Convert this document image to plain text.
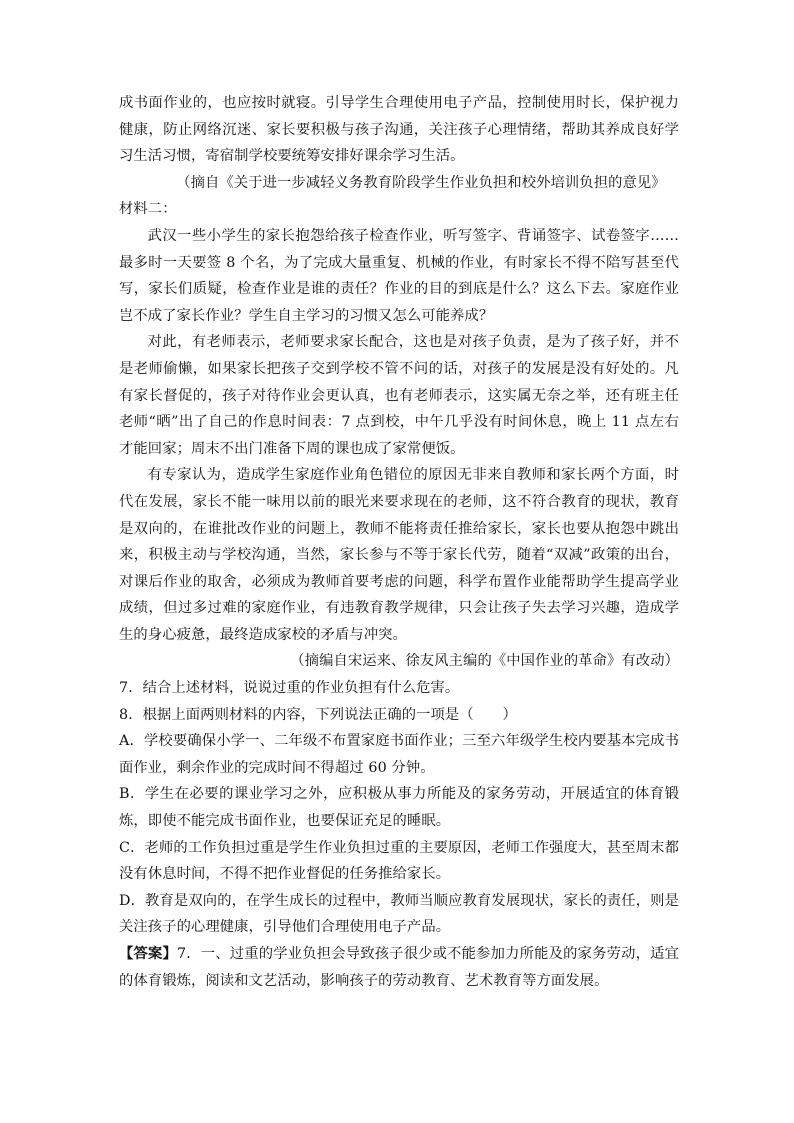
成书面作业的，也应按时就寝。引导学生合理使用电子产品，控制使用时长，保护视力健康，防止网络沉迷、家长要积极与孩子沟通，关注孩子心理情绪，帮助其养成良好学习生活习惯，寄宿制学校要统筹安排好课余学习生活。

（摘自《关于进一步减轻义务教育阶段学生作业负担和校外培训负担的意见》

材料二：

武汉一些小学生的家长抱怨给孩子检查作业，听写签字、背诵签字、试卷签字……最多时一天要签 8 个名，为了完成大量重复、机械的作业，有时家长不得不陪写甚至代写，家长们质疑，检查作业是谁的责任？作业的目的到底是什么？这么下去。家庭作业岂不成了家长作业？学生自主学习的习惯又怎么可能养成？

对此，有老师表示，老师要求家长配合，这也是对孩子负责，是为了孩子好，并不是老师偷懒，如果家长把孩子交到学校不管不问的话，对孩子的发展是没有好处的。凡有家长督促的，孩子对待作业会更认真，也有老师表示，这实属无奈之举，还有班主任老师“晒”出了自己的作息时间表：7 点到校，中午几乎没有时间休息，晚上 11 点左右才能回家；周末不出门准备下周的课也成了家常便饭。

有专家认为，造成学生家庭作业角色错位的原因无非来自教师和家长两个方面，时代在发展，家长不能一味用以前的眼光来要求现在的老师，这不符合教育的现状，教育是双向的，在谁批改作业的问题上，教师不能将责任推给家长，家长也要从抱怨中跳出来，积极主动与学校沟通，当然，家长参与不等于家长代劳，随着“双减”政策的出台，对课后作业的取舍，必须成为教师首要考虑的问题，科学布置作业能帮助学生提高学业成绩，但过多过难的家庭作业，有违教育教学规律，只会让孩子失去学习兴趣，造成学生的身心疲惫，最终造成家校的矛盾与冲突。

（摘编自宋运来、徐友风主编的《中国作业的革命》有改动）

7．结合上述材料，说说过重的作业负担有什么危害。

8．根据上面两则材料的内容，下列说法正确的一项是（　　）

A．学校要确保小学一、二年级不布置家庭书面作业；三至六年级学生校内要基本完成书面作业，剩余作业的完成时间不得超过 60 分钟。

B．学生在必要的课业学习之外，应积极从事力所能及的家务劳动，开展适宜的体育锻炼，即使不能完成书面作业，也要保证充足的睡眠。

C．老师的工作负担过重是学生作业负担过重的主要原因，老师工作强度大，甚至周末都没有休息时间，不得不把作业督促的任务推给家长。

D．教育是双向的，在学生成长的过程中，教师当顺应教育发展现状，家长的责任，则是关注孩子的心理健康，引导他们合理使用电子产品。

【答案】7．一、过重的学业负担会导致孩子很少或不能参加力所能及的家务劳动，适宜的体育锻炼，阅读和文艺活动，影响孩子的劳动教育、艺术教育等方面发展。
